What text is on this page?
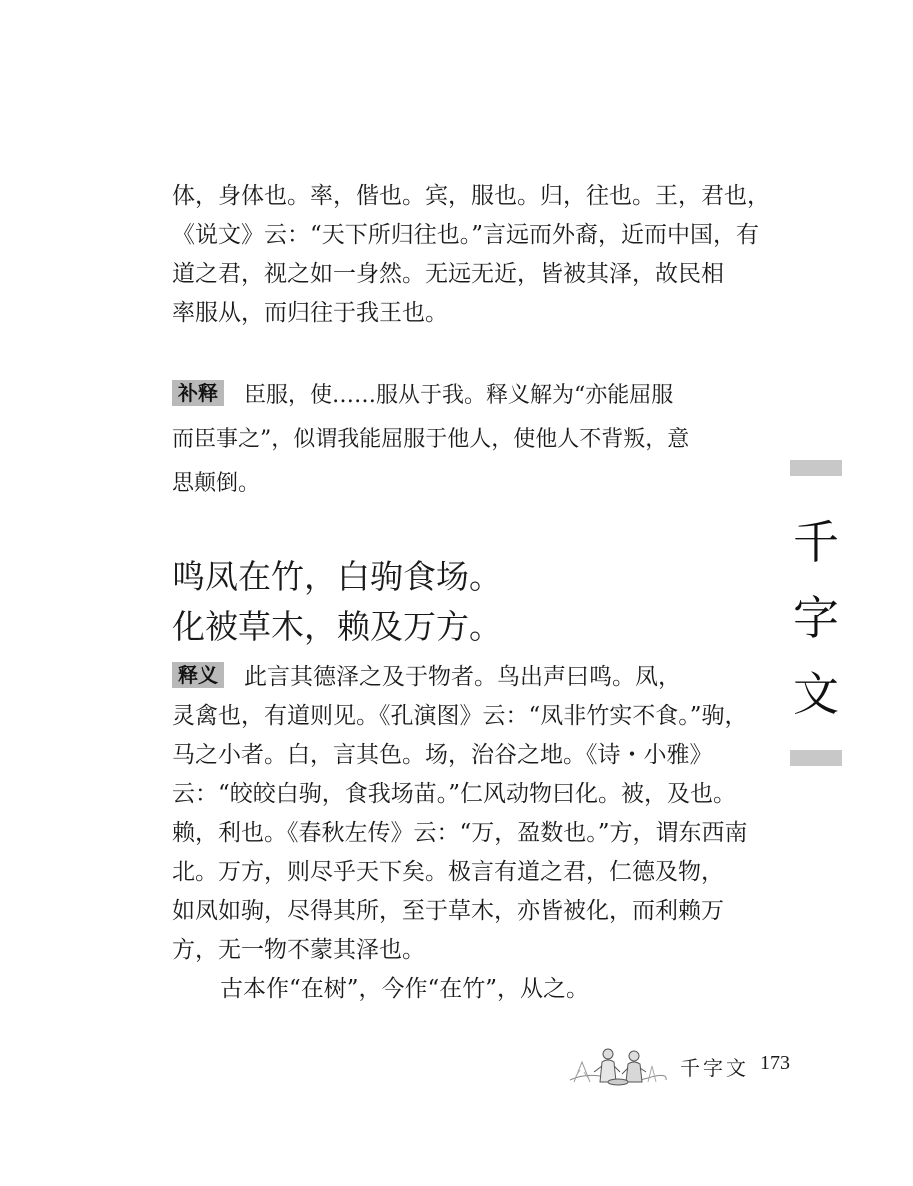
体，身体也。率，偕也。宾，服也。归，往也。王，君也，
《说文》云：“天下所归往也。”言远而外裔，近而中国，有
道之君，视之如一身然。无远无近，皆被其泽，故民相
率服从，而归往于我王也。
补释 臣服，使……服从于我。释义解为“亦能屈服
而臣事之”，似谓我能屈服于他人，使他人不背叛，意
思颠倒。
鸣凤在竹，白驹食场。
化被草木，赖及万方。
释义 此言其德泽之及于物者。鸟出声曰鸣。凤，
灵禽也，有道则见。《孔演图》云：“凤非竹实不食。”驹，
马之小者。白，言其色。场，治谷之地。《诗・小雅》
云：“皎皎白驹，食我场苗。”仁风动物曰化。被，及也。
赖，利也。《春秋左传》云：“万，盈数也。”方，谓东西南
北。万方，则尽乎天下矣。极言有道之君，仁德及物，
如凤如驹，尽得其所，至于草木，亦皆被化，而利赖万
方，无一物不蒙其泽也。
古本作“在树”，今作“在竹”，从之。
千
字
文
千字文 173
